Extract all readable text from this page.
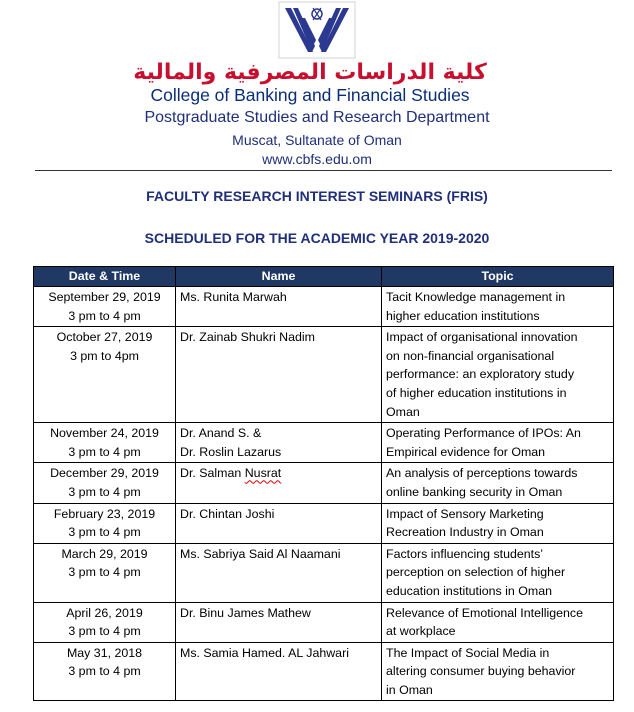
كلية الدراسات المصرفية والمالية
College of Banking and Financial Studies
Postgraduate Studies and Research Department
Muscat, Sultanate of Oman
www.cbfs.edu.om
FACULTY RESEARCH INTEREST SEMINARS (FRIS)
SCHEDULED FOR THE ACADEMIC YEAR 2019-2020
Date & Time	Name	Topic

September 29, 2019
3 pm to 4 pm	Ms. Runita Marwah	Tacit Knowledge management in
higher education institutions

October 27, 2019
3 pm to 4pm	Dr. Zainab Shukri Nadim	Impact of organisational innovation
on non-financial organisational
performance: an exploratory study
of higher education institutions in
Oman

November 24, 2019
3 pm to 4 pm	Dr. Anand S. &
Dr. Roslin Lazarus	Operating Performance of IPOs: An
Empirical evidence for Oman

December 29, 2019
3 pm to 4 pm	Dr. Salman Nusrat	An analysis of perceptions towards
online banking security in Oman

February 23, 2019
3 pm to 4 pm	Dr. Chintan Joshi	Impact of Sensory Marketing
Recreation Industry in Oman

March 29, 2019
3 pm to 4 pm	Ms. Sabriya Said Al Naamani	Factors influencing students’
perception on selection of higher
education institutions in Oman

April 26, 2019
3 pm to 4 pm	Dr. Binu James Mathew	Relevance of Emotional Intelligence
at workplace

May 31, 2018
3 pm to 4 pm	Ms. Samia Hamed. AL Jahwari	The Impact of Social Media in
altering consumer buying behavior
in Oman
